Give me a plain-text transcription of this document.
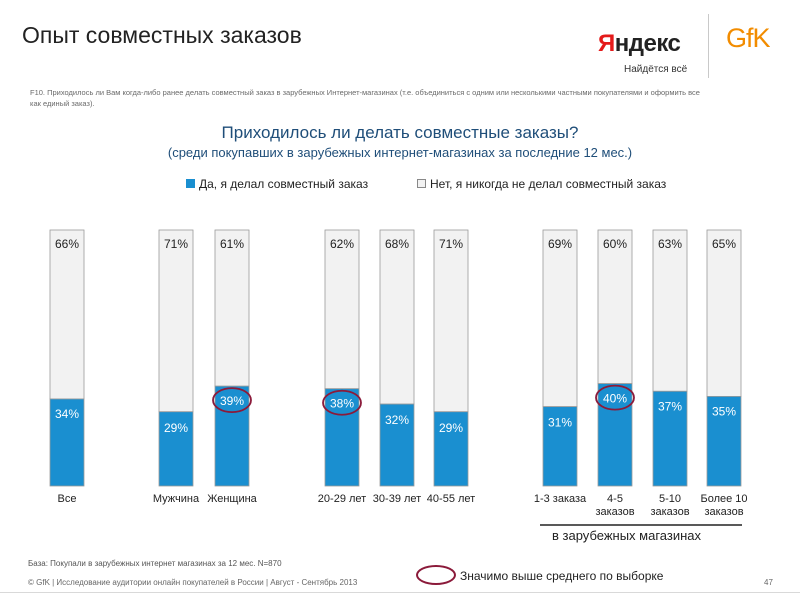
Опыт совместных заказов	Яндекс
Найдётся всё
GfK
F10. Приходилось ли Вам когда-либо ранее делать совместный заказ в зарубежных Интернет-магазинах (т.е. объединиться с одним или несколькими частными покупателями и оформить все как единый заказ).
Приходилось ли делать совместные заказы?
(среди покупавших в зарубежных интернет-магазинах за последние 12 мес.)
Да, я делал совместный заказ	Нет, я никогда не делал совместный заказ
66%
34%
Все
71%
29%
Мужчина
61%
39%
Женщина
62%
38%
20-29 лет
68%
32%
30-39 лет
71%
29%
40-55 лет
69%
31%
1-3 заказа
60%
40%
4-5
заказов
63%
37%
5-10
заказов
65%
35%
Более 10
заказов
в зарубежных магазинах
База: Покупали в зарубежных интернет магазинах за 12 мес. N=870
Значимо выше среднего по выборке
© GfK | Исследование аудитории онлайн покупателей в России | Август - Сентябрь 2013	47
